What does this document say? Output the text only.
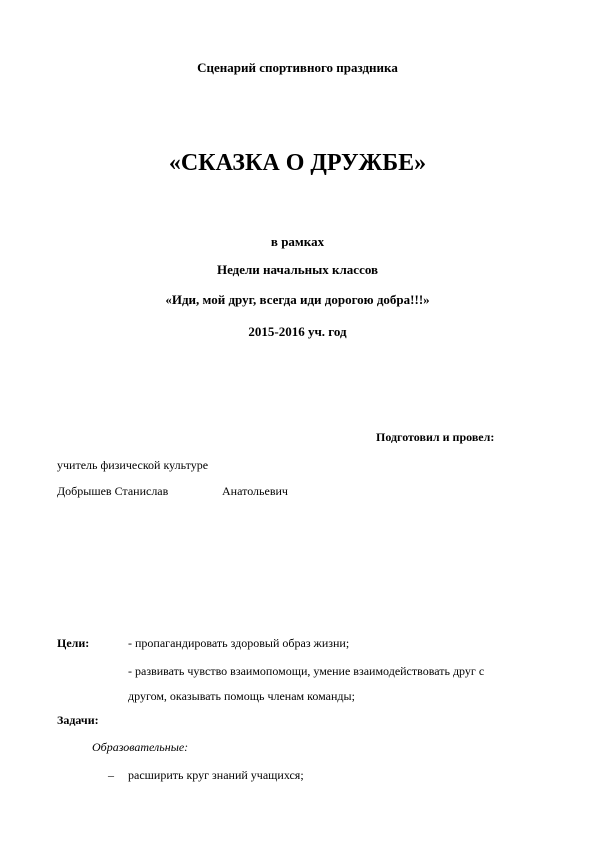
Сценарий спортивного праздника
«СКАЗКА О ДРУЖБЕ»
в рамках
Недели начальных классов
«Иди, мой друг, всегда иди дорогою добра!!!»
2015-2016 уч. год
Подготовил и провел:
учитель физической культуре
Добрышев Станислав	Анатольевич
Цели:	- пропагандировать здоровый образ жизни;
- развивать чувство взаимопомощи, умение взаимодействовать друг с
другом, оказывать помощь членам команды;
Задачи:
Образовательные:
– расширить круг знаний учащихся;
